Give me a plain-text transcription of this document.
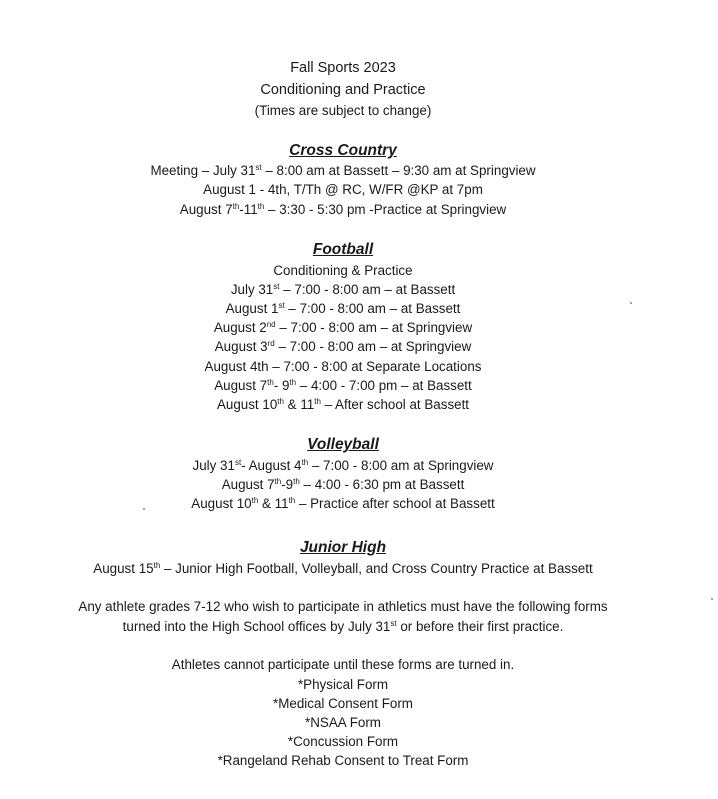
Fall Sports 2023
Conditioning and Practice
(Times are subject to change)
Cross Country
Meeting – July 31st – 8:00 am at Bassett – 9:30 am at Springview
August 1 - 4th, T/Th @ RC, W/FR @KP at 7pm
August 7th-11th – 3:30 - 5:30 pm -Practice at Springview
Football
Conditioning & Practice
July 31st – 7:00 - 8:00 am – at Bassett
August 1st – 7:00 - 8:00 am – at Bassett
August 2nd – 7:00 - 8:00 am – at Springview
August 3rd – 7:00 - 8:00 am – at Springview
August 4th – 7:00 - 8:00 at Separate Locations
August 7th- 9th – 4:00 - 7:00 pm – at Bassett
August 10th & 11th – After school at Bassett
Volleyball
July 31st- August 4th – 7:00 - 8:00 am at Springview
August 7th-9th – 4:00 - 6:30 pm at Bassett
August 10th & 11th – Practice after school at Bassett
Junior High
August 15th – Junior High Football, Volleyball, and Cross Country Practice at Bassett
Any athlete grades 7-12 who wish to participate in athletics must have the following forms
turned into the High School offices by July 31st or before their first practice.
Athletes cannot participate until these forms are turned in.
*Physical Form
*Medical Consent Form
*NSAA Form
*Concussion Form
*Rangeland Rehab Consent to Treat Form
